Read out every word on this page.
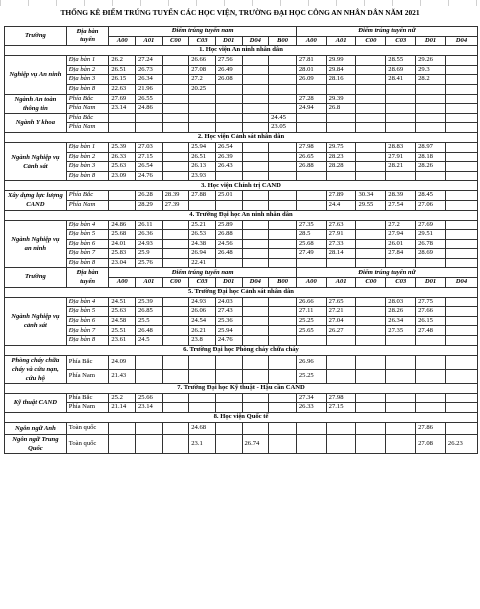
THỐNG KÊ ĐIỂM TRÚNG TUYỂN CÁC HỌC VIỆN, TRƯỜNG ĐẠI HỌC CÔNG AN NHÂN DÂN NĂM 2021
Trường	Địa bàn tuyển	Điểm trúng tuyển nam							Điểm trúng tuyển nữ					
		A00	A01	C00	C03	D01	D04	B00	A00	A01	C00	C03	D01	D04
1. Học viện An ninh nhân dân														
Nghiệp vụ An ninh	Địa bàn 1	26.2	27.24		26.66	27.56			27.81	29.99		28.55	29.26	
	Địa bàn 2	26.51	26.73		27.08	26.49			28.01	29.84		28.69	29.3	
	Địa bàn 3	26.15	26.34		27.2	26.08			26.09	28.16		28.41	28.2	
	Địa bàn 8	22.63	21.96		20.25									
Ngành An toàn thông tin	Phía Bắc	27.69	26.55						27.28	29.39				
	Phía Nam	23.14	24.86						24.94	26.8				
Ngành Y khoa	Phía Bắc							24.45						
	Phía Nam							23.05						
2. Học viện Cảnh sát nhân dân														
Ngành Nghiệp vụ Cảnh sát	Địa bàn 1	25.39	27.03		25.94	26.54			27.98	29.75		28.83	28.97	
	Địa bàn 2	26.33	27.15		26.51	26.39			26.65	28.23		27.91	28.18	
	Địa bàn 3	25.63	26.54		26.13	26.43			26.88	28.28		28.21	28.26	
	Địa bàn 8	23.09	24.76		23.93									
3. Học viện Chính trị CAND														
Xây dựng lực lượng CAND	Phía Bắc		26.28	28.39	27.88	25.01				27.89	30.34	28.39	28.45	
	Phía Nam		28.29	27.39						24.4	29.55	27.54	27.06	
4. Trường Đại học An ninh nhân dân														
Ngành Nghiệp vụ an ninh	Địa bàn 4	24.86	26.11		25.21	25.89			27.35	27.63		27.2	27.69	
	Địa bàn 5	25.68	26.36		26.53	26.88			28.5	27.91		27.94	29.51	
	Địa bàn 6	24.01	24.93		24.38	24.56			25.68	27.33		26.01	26.78	
	Địa bàn 7	25.83	25.9		26.94	26.48			27.49	28.14		27.84	28.69	
	Địa bàn 8	23.04	25.76		22.41									
Trường	Địa bàn tuyển	Điểm trúng tuyển nam							Điểm trúng tuyển nữ					
		A00	A01	C00	C03	D01	D04	B00	A00	A01	C00	C03	D01	D04
5. Trường Đại học Cảnh sát nhân dân														
Ngành Nghiệp vụ cảnh sát	Địa bàn 4	24.51	25.39		24.93	24.03			26.66	27.65		28.03	27.75	
	Địa bàn 5	25.63	26.85		26.06	27.43			27.11	27.21		28.26	27.66	
	Địa bàn 6	24.58	25.5		24.54	25.36			25.25	27.04		26.34	26.15	
	Địa bàn 7	25.51	26.48		26.21	25.94			25.65	26.27		27.35	27.48	
	Địa bàn 8	23.61	24.5		23.8	24.76								
6. Trường Đại học Phòng cháy chữa cháy														
Phòng cháy chữa cháy và cứu nạn, cứu hộ	Phía Bắc	24.09							26.96					
	Phía Nam	21.43							25.25					
7. Trường Đại học Kỹ thuật - Hậu cần CAND														
Kỹ thuật CAND	Phía Bắc	25.2	25.66						27.34	27.98				
	Phía Nam	21.14	23.14						26.33	27.15				
8. Học viện Quốc tế														
Ngôn ngữ Anh	Toàn quốc				24.68								27.86	
Ngôn ngữ Trung Quốc	Toàn quốc				23.1		26.74						27.08	26.23
